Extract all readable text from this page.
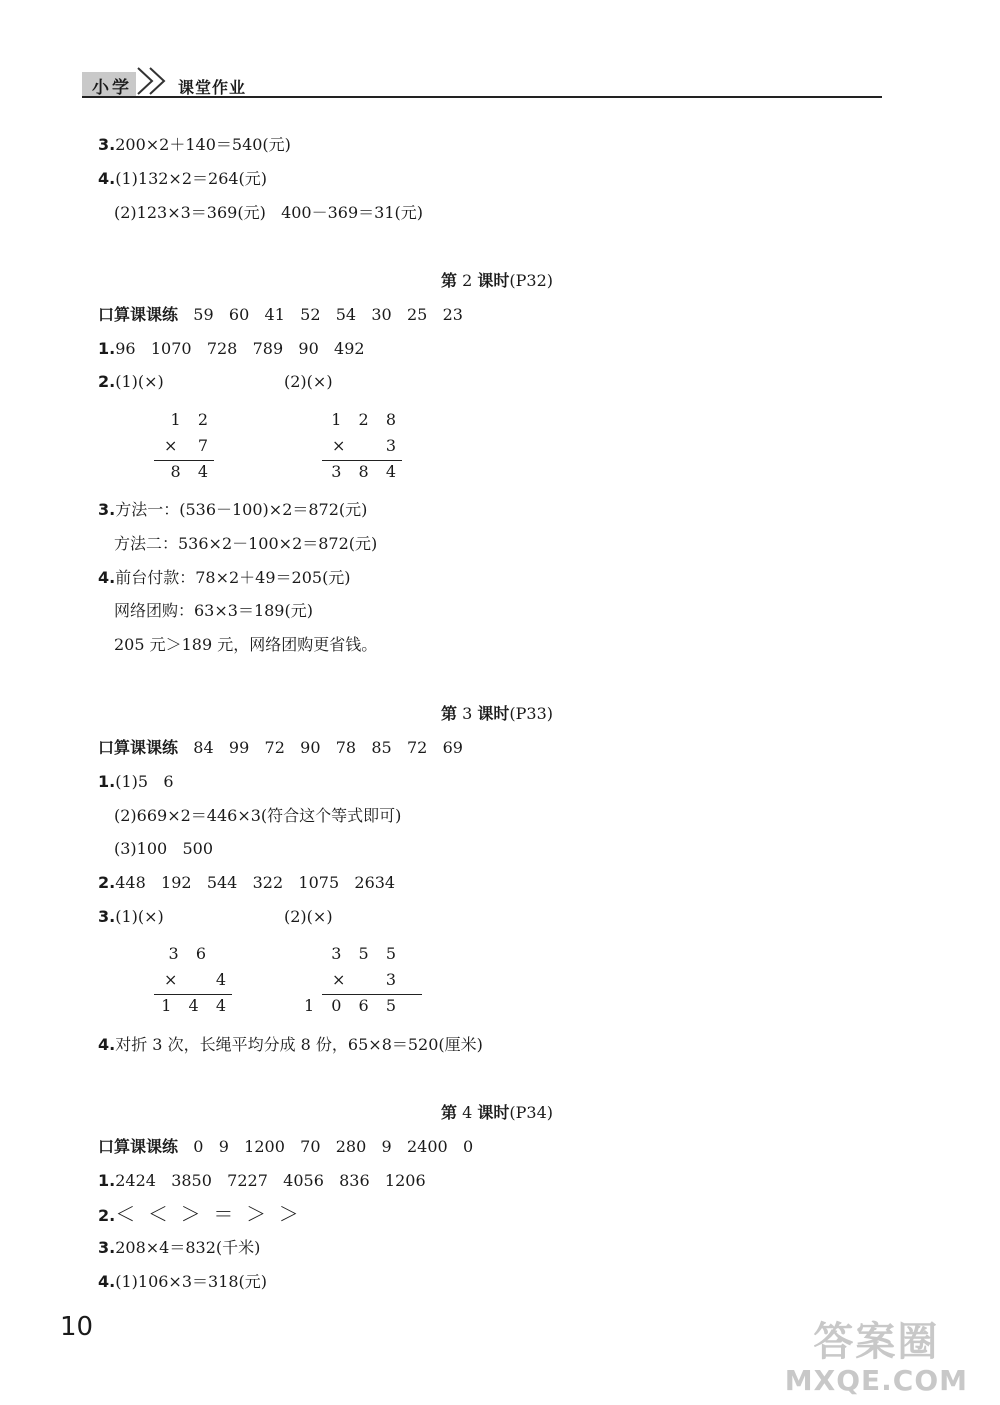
小学	课堂作业
3.200×2＋140＝540(元)
4.(1)132×2＝264(元)
(2)123×3＝369(元)   400－369＝31(元)
第 2 课时(P32)
口算课课练 59   60   41   52   54   30   25   23
1.96   1070   728   789   90   492
2.(1)(×)	(2)(×)
1 2
× 7
8 4
1 2 8
×	3
3 8 4
3.方法一：(536－100)×2＝872(元)
方法二：536×2－100×2＝872(元)
4.前台付款：78×2＋49＝205(元)
网络团购：63×3＝189(元)
205 元＞189 元，网络团购更省钱。
第 3 课时(P33)
口算课课练 84   99   72   90   78   85   72   69
1.(1)5   6
(2)669×2＝446×3(符合这个等式即可)
(3)100   500
2.448   192   544   322   1075   2634
3.(1)(×)	(2)(×)
3 6
× 4
1 4 4
3 5 5
×	3
1 0 6 5
4.对折 3 次，长绳平均分成 8 份，65×8＝520(厘米)
第 4 课时(P34)
口算课课练 0   9   1200   70   280   9   2400   0
1.2424   3850   7227   4056   836   1206
2.＜  ＜  ＞  ＝  ＞  ＞
3.208×4＝832(千米)
4.(1)106×3＝318(元)
10	答案圈
MXQE.COM
